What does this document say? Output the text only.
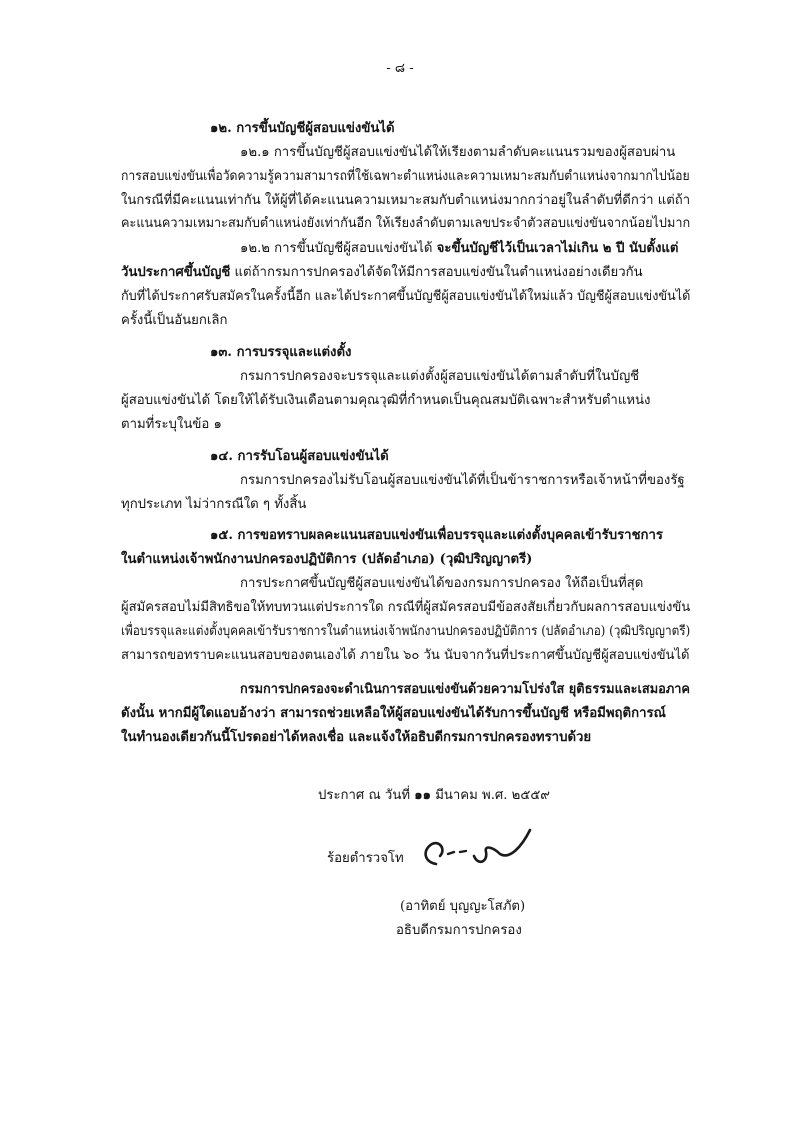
- ๘ -
๑๒. การขึ้นบัญชีผู้สอบแข่งขันได้
๑๒.๑ การขึ้นบัญชีผู้สอบแข่งขันได้ให้เรียงตามลำดับคะแนนรวมของผู้สอบผ่าน
การสอบแข่งขันเพื่อวัดความรู้ความสามารถที่ใช้เฉพาะตำแหน่งและความเหมาะสมกับตำแหน่งจากมากไปน้อย
ในกรณีที่มีคะแนนเท่ากัน ให้ผู้ที่ได้คะแนนความเหมาะสมกับตำแหน่งมากกว่าอยู่ในลำดับที่ดีกว่า แต่ถ้า
คะแนนความเหมาะสมกับตำแหน่งยังเท่ากันอีก ให้เรียงลำดับตามเลขประจำตัวสอบแข่งขันจากน้อยไปมาก
๑๒.๒ การขึ้นบัญชีผู้สอบแข่งขันได้ จะขึ้นบัญชีไว้เป็นเวลาไม่เกิน ๒ ปี นับตั้งแต่
วันประกาศขึ้นบัญชี แต่ถ้ากรมการปกครองได้จัดให้มีการสอบแข่งขันในตำแหน่งอย่างเดียวกัน
กับที่ได้ประกาศรับสมัครในครั้งนี้อีก และได้ประกาศขึ้นบัญชีผู้สอบแข่งขันได้ใหม่แล้ว บัญชีผู้สอบแข่งขันได้
ครั้งนี้เป็นอันยกเลิก
๑๓. การบรรจุและแต่งตั้ง
กรมการปกครองจะบรรจุและแต่งตั้งผู้สอบแข่งขันได้ตามลำดับที่ในบัญชี
ผู้สอบแข่งขันได้ โดยให้ได้รับเงินเดือนตามคุณวุฒิที่กำหนดเป็นคุณสมบัติเฉพาะสำหรับตำแหน่ง
ตามที่ระบุในข้อ ๑
๑๔. การรับโอนผู้สอบแข่งขันได้
กรมการปกครองไม่รับโอนผู้สอบแข่งขันได้ที่เป็นข้าราชการหรือเจ้าหน้าที่ของรัฐ
ทุกประเภท ไม่ว่ากรณีใด ๆ ทั้งสิ้น
๑๕. การขอทราบผลคะแนนสอบแข่งขันเพื่อบรรจุและแต่งตั้งบุคคลเข้ารับราชการ
ในตำแหน่งเจ้าพนักงานปกครองปฏิบัติการ (ปลัดอำเภอ) (วุฒิปริญญาตรี)
การประกาศขึ้นบัญชีผู้สอบแข่งขันได้ของกรมการปกครอง ให้ถือเป็นที่สุด
ผู้สมัครสอบไม่มีสิทธิขอให้ทบทวนแต่ประการใด กรณีที่ผู้สมัครสอบมีข้อสงสัยเกี่ยวกับผลการสอบแข่งขัน
เพื่อบรรจุและแต่งตั้งบุคคลเข้ารับราชการในตำแหน่งเจ้าพนักงานปกครองปฏิบัติการ (ปลัดอำเภอ) (วุฒิปริญญาตรี)
สามารถขอทราบคะแนนสอบของตนเองได้ ภายใน ๖๐ วัน นับจากวันที่ประกาศขึ้นบัญชีผู้สอบแข่งขันได้
กรมการปกครองจะดำเนินการสอบแข่งขันด้วยความโปร่งใส ยุติธรรมและเสมอภาค
ดังนั้น หากมีผู้ใดแอบอ้างว่า สามารถช่วยเหลือให้ผู้สอบแข่งขันได้รับการขึ้นบัญชี หรือมีพฤติการณ์
ในทำนองเดียวกันนี้โปรดอย่าได้หลงเชื่อ และแจ้งให้อธิบดีกรมการปกครองทราบด้วย
ประกาศ ณ วันที่ ๑๑ มีนาคม พ.ศ. ๒๕๕๙
ร้อยตำรวจโท
(อาทิตย์ บุญญะโสภัต)
อธิบดีกรมการปกครอง
